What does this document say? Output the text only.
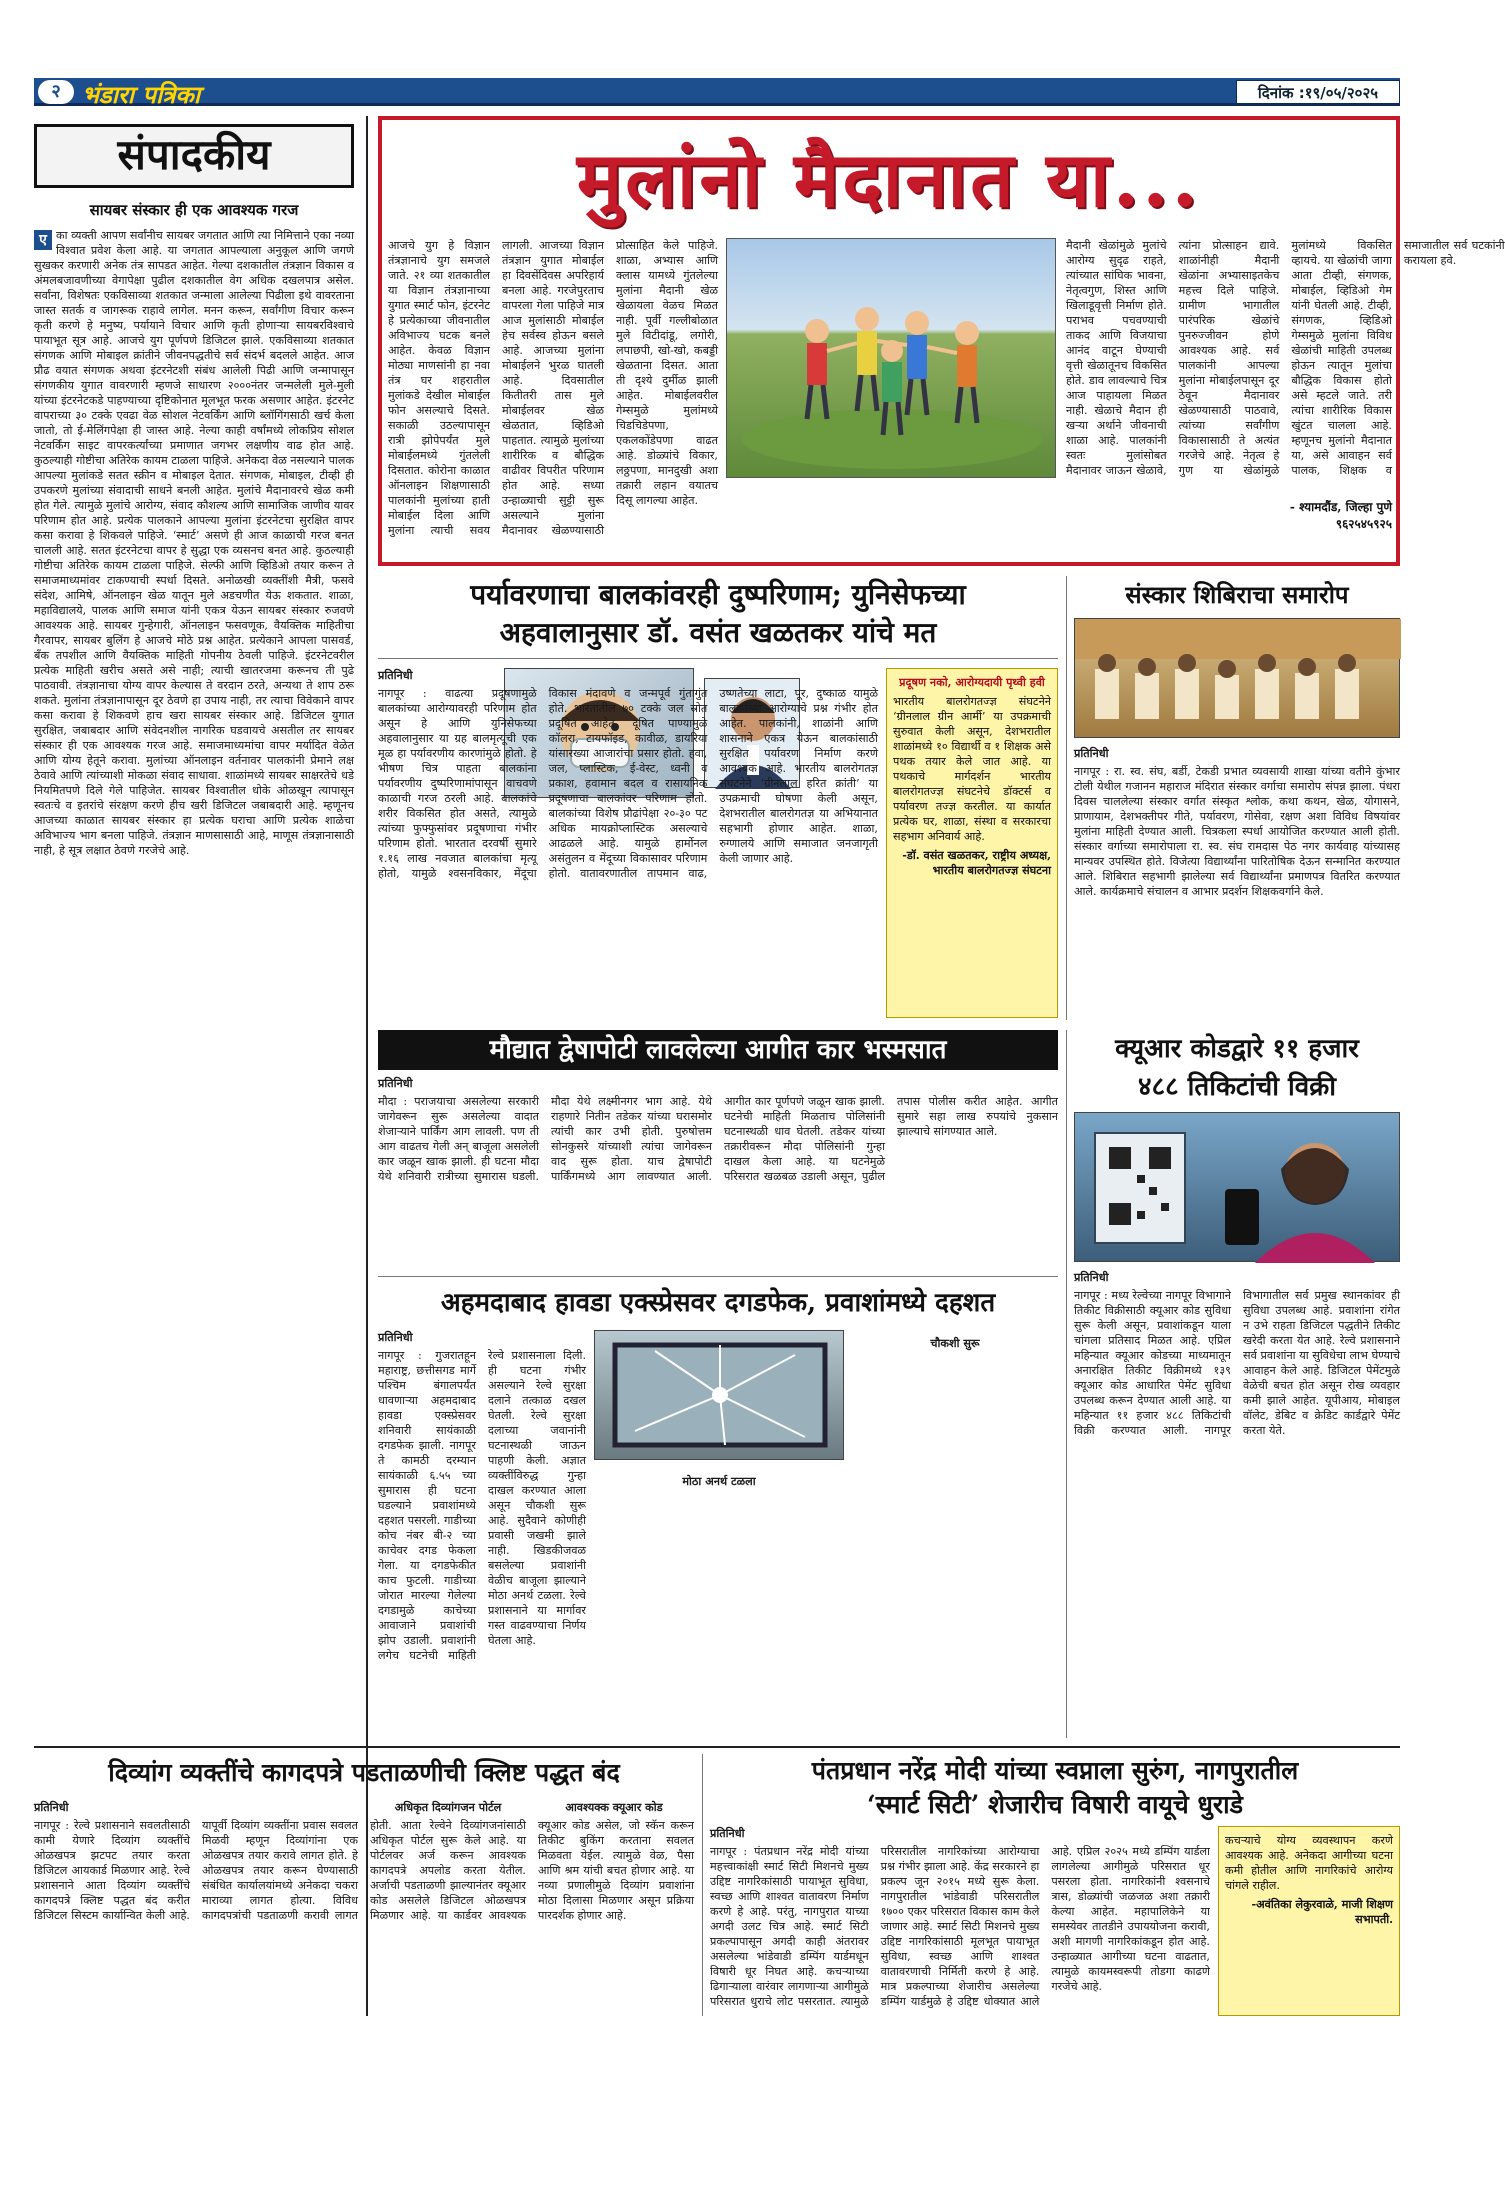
२ भंडारा पत्रिका	दिनांक :१९/०५/२०२५
संपादकीय
सायबर संस्कार ही एक आवश्यक गरज
ए का व्यक्ती आपण सर्वांनीच सायबर जगतात आणि त्या निमित्ताने एका नव्या विश्वात प्रवेश केला आहे. या जगतात आपल्याला अनुकूल आणि जगणे सुखकर करणारी अनेक तंत्र सापडत आहेत. गेल्या दशकातील तंत्रज्ञान विकास व अंमलबजावणीच्या वेगापेक्षा पुढील दशकातील वेग अधिक दखलपात्र असेल. सर्वांना, विशेषतः एकविसाव्या शतकात जन्माला आलेल्या पिढीला इथे वावरताना जास्त सतर्क व जागरूक राहावे लागेल. मनन करून, सर्वांगीण विचार करून कृती करणे हे मनुष्य, पर्यायाने विचार आणि कृती होणाऱ्या सायबरविश्वाचे पायाभूत सूत्र आहे. आजचे युग पूर्णपणे डिजिटल झाले. एकविसाव्या शतकात संगणक आणि मोबाइल क्रांतीने जीवनपद्धतीचे सर्व संदर्भ बदलले आहेत. आज प्रौढ वयात संगणक अथवा इंटरनेटशी संबंध आलेली पिढी आणि जन्मापासून संगणकीय युगात वावरणारी म्हणजे साधारण २०००नंतर जन्मलेली मुले-मुली यांच्या इंटरनेटकडे पाहण्याच्या दृष्टिकोनात मूलभूत फरक असणार आहेत. इंटरनेट वापराच्या ३० टक्के एवढा वेळ सोशल नेटवर्किंग आणि ब्लॉगिंगसाठी खर्च केला जातो, तो ई-मेलिंगपेक्षा ही जास्त आहे. नेल्या काही वर्षांमध्ये लोकप्रिय सोशल नेटवर्किंग साइट वापरकर्त्यांच्या प्रमाणात जगभर लक्षणीय वाढ होत आहे. कुठल्याही गोष्टीचा अतिरेक कायम टाळला पाहिजे. अनेकदा वेळ नसल्याने पालक आपल्या मुलांकडे सतत स्क्रीन व मोबाइल देतात. संगणक, मोबाइल, टीव्ही ही उपकरणे मुलांच्या संवादाची साधने बनली आहेत. मुलांचे मैदानावरचे खेळ कमी होत गेले. त्यामुळे मुलांचे आरोग्य, संवाद कौशल्य आणि सामाजिक जाणीव यावर परिणाम होत आहे. प्रत्येक पालकाने आपल्या मुलांना इंटरनेटचा सुरक्षित वापर कसा करावा हे शिकवले पाहिजे. ‘स्मार्ट’ असणे ही आज काळाची गरज बनत चालली आहे. सतत इंटरनेटचा वापर हे सुद्धा एक व्यसनच बनत आहे. कुठल्याही गोष्टीचा अतिरेक कायम टाळला पाहिजे. सेल्फी आणि व्हिडिओ तयार करून ते समाजमाध्यमांवर टाकण्याची स्पर्धा दिसते. अनोळखी व्यक्तींशी मैत्री, फसवे संदेश, आमिषे, ऑनलाइन खेळ यातून मुले अडचणीत येऊ शकतात. शाळा, महाविद्यालये, पालक आणि समाज यांनी एकत्र येऊन सायबर संस्कार रुजवणे आवश्यक आहे. सायबर गुन्हेगारी, ऑनलाइन फसवणूक, वैयक्तिक माहितीचा गैरवापर, सायबर बुलिंग हे आजचे मोठे प्रश्न आहेत. प्रत्येकाने आपला पासवर्ड, बँक तपशील आणि वैयक्तिक माहिती गोपनीय ठेवली पाहिजे. इंटरनेटवरील प्रत्येक माहिती खरीच असते असे नाही; त्याची खातरजमा करूनच ती पुढे पाठवावी. तंत्रज्ञानाचा योग्य वापर केल्यास ते वरदान ठरते, अन्यथा ते शाप ठरू शकते. मुलांना तंत्रज्ञानापासून दूर ठेवणे हा उपाय नाही, तर त्याचा विवेकाने वापर कसा करावा हे शिकवणे हाच खरा सायबर संस्कार आहे. डिजिटल युगात सुरक्षित, जबाबदार आणि संवेदनशील नागरिक घडवायचे असतील तर सायबर संस्कार ही एक आवश्यक गरज आहे. समाजमाध्यमांचा वापर मर्यादित वेळेत आणि योग्य हेतूने करावा. मुलांच्या ऑनलाइन वर्तनावर पालकांनी प्रेमाने लक्ष ठेवावे आणि त्यांच्याशी मोकळा संवाद साधावा. शाळांमध्ये सायबर साक्षरतेचे धडे नियमितपणे दिले गेले पाहिजेत. सायबर विश्वातील धोके ओळखून त्यापासून स्वतःचे व इतरांचे संरक्षण करणे हीच खरी डिजिटल जबाबदारी आहे. म्हणूनच आजच्या काळात सायबर संस्कार हा प्रत्येक घराचा आणि प्रत्येक शाळेचा अविभाज्य भाग बनला पाहिजे. तंत्रज्ञान माणसासाठी आहे, माणूस तंत्रज्ञानासाठी नाही, हे सूत्र लक्षात ठेवणे गरजेचे आहे.
मुलांनो मैदानात या...
आजचे युग हे विज्ञान तंत्रज्ञानाचे युग समजले जाते. २१ व्या शतकातील या विज्ञान तंत्रज्ञानाच्या युगात स्मार्ट फोन, इंटरनेट हे प्रत्येकाच्या जीवनातील अविभाज्य घटक बनले आहेत. केवळ विज्ञान मोठ्या माणसांनी हा नवा तंत्र घर शहरातील मुलांकडे देखील मोबाईल फोन असल्याचे दिसते. सकाळी उठल्यापासून रात्री झोपेपर्यंत मुले मोबाईलमध्ये गुंतलेली दिसतात. कोरोना काळात ऑनलाइन शिक्षणासाठी पालकांनी मुलांच्या हाती मोबाईल दिला आणि मुलांना त्याची सवय लागली. आजच्या विज्ञान तंत्रज्ञान युगात मोबाईल हा दिवसेंदिवस अपरिहार्य बनला आहे. गरजेपुरताच वापरला गेला पाहिजे मात्र आज मुलांसाठी मोबाईल हेच सर्वस्व होऊन बसले आहे. आजच्या मुलांना मोबाईलने भुरळ घातली आहे. दिवसातील कितीतरी तास मुले मोबाईलवर खेळ खेळतात, व्हिडिओ पाहतात. त्यामुळे मुलांच्या शारीरिक व बौद्धिक वाढीवर विपरीत परिणाम होत आहे. सध्या उन्हाळ्याची सुट्टी सुरू असल्याने मुलांना मैदानावर खेळण्यासाठी प्रोत्साहित केले पाहिजे. शाळा, अभ्यास आणि क्लास यामध्ये गुंतलेल्या मुलांना मैदानी खेळ खेळायला वेळच मिळत नाही. पूर्वी गल्लीबोळात मुले विटीदांडू, लगोरी, लपाछपी, खो-खो, कबड्डी खेळताना दिसत. आता ती दृश्ये दुर्मीळ झाली आहेत. मोबाईलवरील गेम्समुळे मुलांमध्ये चिडचिडेपणा, एकलकोंडेपणा वाढत आहे. डोळ्यांचे विकार, लठ्ठपणा, मानदुखी अशा तक्रारी लहान वयातच दिसू लागल्या आहेत.
मैदानी खेळांमुळे मुलांचे आरोग्य सुदृढ राहते, त्यांच्यात सांघिक भावना, नेतृत्वगुण, शिस्त आणि खिलाडूवृत्ती निर्माण होते. पराभव पचवण्याची ताकद आणि विजयाचा आनंद वाटून घेण्याची वृत्ती खेळातूनच विकसित होते. डाव लावल्याचे चित्र आज पाहायला मिळत नाही. खेळाचे मैदान ही खऱ्या अर्थाने जीवनाची शाळा आहे. पालकांनी स्वतः मुलांसोबत मैदानावर जाऊन खेळावे, त्यांना प्रोत्साहन द्यावे. शाळांनीही मैदानी खेळांना अभ्यासाइतकेच महत्त्व दिले पाहिजे. ग्रामीण भागातील पारंपरिक खेळांचे पुनरुज्जीवन होणे आवश्यक आहे. सर्व पालकांनी आपल्या मुलांना मोबाईलपासून दूर ठेवून मैदानावर खेळण्यासाठी पाठवावे, त्यांच्या सर्वांगीण विकासासाठी ते अत्यंत गरजेचे आहे. नेतृत्व हे गुण या खेळांमुळे मुलांमध्ये विकसित व्हायचे. या खेळांची जागा आता टीव्ही, संगणक, मोबाईल, व्हिडिओ गेम यांनी घेतली आहे. टीव्ही, संगणक, व्हिडिओ गेम्समुळे मुलांना विविध खेळांची माहिती उपलब्ध होऊन त्यातून मुलांचा बौद्धिक विकास होतो असे म्हटले जाते. तरी त्यांचा शारीरिक विकास खुंटत चालला आहे. म्हणूनच मुलांनो मैदानात या, असे आवाहन सर्व पालक, शिक्षक व समाजातील सर्व घटकांनी करायला हवे.
- श्यामदौंड, जिल्हा पुणे
९६२५४५९२५
पर्यावरणाचा बालकांवरही दुष्परिणाम; युनिसेफच्या
अहवालानुसार डॉ. वसंत खळतकर यांचे मत
प्रतिनिधी
नागपूर : वाढत्या प्रदूषणामुळे बालकांच्या आरोग्यावरही परिणाम होत असून हे आणि युनिसेफच्या अहवालानुसार या ग्रह बालमृत्यूंची एक मूळ हा पर्यावरणीय कारणांमुळे होतो. हे भीषण चित्र पाहता बालकांना पर्यावरणीय दुष्परिणामांपासून वाचवणे काळाची गरज ठरली आहे. बालकांचे शरीर विकसित होत असते, त्यामुळे त्यांच्या फुफ्फुसांवर प्रदूषणाचा गंभीर परिणाम होतो. भारतात दरवर्षी सुमारे १.१६ लाख नवजात बालकांचा मृत्यू होतो, यामुळे श्वसनविकार, मेंदूचा विकास मंदावणे व जन्मपूर्व गुंतागुंत होते. भारतातील ७० टक्के जल स्रोत प्रदूषित आहेत. दूषित पाण्यामुळे कॉलरा, टायफॉइड, कावीळ, डायरिया यांसारख्या आजारांचा प्रसार होतो. हवा, जल, प्लास्टिक, ई-वेस्ट, ध्वनी व प्रकाश, हवामान बदल व रासायनिक प्रदूषणाचा बालकांवर परिणाम होतो. बालकांच्या विशेष प्रौढांपेक्षा २०-३० पट अधिक मायक्रोप्लास्टिक असल्याचे आढळले आहे. यामुळे हार्मोनल असंतुलन व मेंदूच्या विकासावर परिणाम होतो. वातावरणातील तापमान वाढ, उष्णतेच्या लाटा, पूर, दुष्काळ यामुळे बालकांच्या आरोग्याचे प्रश्न गंभीर होत आहेत. पालकांनी, शाळांनी आणि शासनाने एकत्र येऊन बालकांसाठी सुरक्षित पर्यावरण निर्माण करणे आवश्यक आहे. भारतीय बालरोगतज्ञ संघटनेने ‘ग्रीनलाल हरित क्रांती’ या उपक्रमाची घोषणा केली असून, देशभरातील बालरोगतज्ञ या अभियानात सहभागी होणार आहेत. शाळा, रुग्णालये आणि समाजात जनजागृती केली जाणार आहे.
प्रदूषण नको, आरोग्यदायी पृथ्वी हवी
भारतीय बालरोगतज्ज्ञ संघटनेने ‘ग्रीनलाल ग्रीन आर्मी’ या उपक्रमाची सुरुवात केली असून, देशभरातील शाळांमध्ये १० विद्यार्थी व १ शिक्षक असे पथक तयार केले जात आहे. या पथकाचे मार्गदर्शन भारतीय बालरोगतज्ज्ञ संघटनेचे डॉक्टर्स व पर्यावरण तज्ज्ञ करतील. या कार्यात प्रत्येक घर, शाळा, संस्था व सरकारचा सहभाग अनिवार्य आहे.
-डॉ. वसंत खळतकर, राष्ट्रीय अध्यक्ष, भारतीय बालरोगतज्ज्ञ संघटना
संस्कार शिबिराचा समारोप
प्रतिनिधी
नागपूर : रा. स्व. संघ, बर्डी, टेकडी प्रभात व्यवसायी शाखा यांच्या वतीने कुंभार टोली येथील गजानन महाराज मंदिरात संस्कार वर्गाचा समारोप संपन्न झाला. पंधरा दिवस चाललेल्या संस्कार वर्गात संस्कृत श्लोक, कथा कथन, खेळ, योगासने, प्राणायाम, देशभक्तीपर गीते, पर्यावरण, गोसेवा, रक्षण अशा विविध विषयांवर मुलांना माहिती देण्यात आली. चित्रकला स्पर्धा आयोजित करण्यात आली होती. संस्कार वर्गाच्या समारोपाला रा. स्व. संघ रामदास पेठ नगर कार्यवाह यांच्यासह मान्यवर उपस्थित होते. विजेत्या विद्यार्थ्यांना पारितोषिक देऊन सन्मानित करण्यात आले. शिबिरात सहभागी झालेल्या सर्व विद्यार्थ्यांना प्रमाणपत्र वितरित करण्यात आले. कार्यक्रमाचे संचालन व आभार प्रदर्शन शिक्षकवर्गाने केले.
मौद्यात द्वेषापोटी लावलेल्या आगीत कार भस्मसात
प्रतिनिधी
मौदा : पराजयाचा असलेल्या सरकारी जागेवरून सुरू असलेल्या वादात शेजाऱ्याने पार्किंग आग लावली. पण ती आग वाढतच गेली अन् बाजूला असलेली कार जळून खाक झाली. ही घटना मौदा येथे शनिवारी रात्रीच्या सुमारास घडली. मौदा येथे लक्ष्मीनगर भाग आहे. येथे राहणारे नितीन तडेकर यांच्या घरासमोर त्यांची कार उभी होती. पुरुषोत्तम सोनकुसरे यांच्याशी त्यांचा जागेवरून वाद सुरू होता. याच द्वेषापोटी पार्किंगमध्ये आग लावण्यात आली. आगीत कार पूर्णपणे जळून खाक झाली. घटनेची माहिती मिळताच पोलिसांनी घटनास्थळी धाव घेतली. तडेकर यांच्या तक्रारीवरून मौदा पोलिसांनी गुन्हा दाखल केला आहे. या घटनेमुळे परिसरात खळबळ उडाली असून, पुढील तपास पोलीस करीत आहेत. आगीत सुमारे सहा लाख रुपयांचे नुकसान झाल्याचे सांगण्यात आले.
क्यूआर कोडद्वारे ११ हजार
४८८ तिकिटांची विक्री
प्रतिनिधी
नागपूर : मध्य रेल्वेच्या नागपूर विभागाने तिकीट विक्रीसाठी क्यूआर कोड सुविधा सुरू केली असून, प्रवाशांकडून याला चांगला प्रतिसाद मिळत आहे. एप्रिल महिन्यात क्यूआर कोडच्या माध्यमातून अनारक्षित तिकीट विक्रीमध्ये १३९ क्यूआर कोड आधारित पेमेंट सुविधा उपलब्ध करून देण्यात आली आहे. या महिन्यात ११ हजार ४८८ तिकिटांची विक्री करण्यात आली. नागपूर विभागातील सर्व प्रमुख स्थानकांवर ही सुविधा उपलब्ध आहे. प्रवाशांना रांगेत न उभे राहता डिजिटल पद्धतीने तिकीट खरेदी करता येत आहे. रेल्वे प्रशासनाने सर्व प्रवाशांना या सुविधेचा लाभ घेण्याचे आवाहन केले आहे. डिजिटल पेमेंटमुळे वेळेची बचत होत असून रोख व्यवहार कमी झाले आहेत. यूपीआय, मोबाइल वॉलेट, डेबिट व क्रेडिट कार्डद्वारे पेमेंट करता येते.
अहमदाबाद हावडा एक्स्प्रेसवर दगडफेक, प्रवाशांमध्ये दहशत
प्रतिनिधी
नागपूर : गुजरातहून महाराष्ट्र, छत्तीसगड मार्गे पश्चिम बंगालपर्यंत धावणाऱ्या अहमदाबाद हावडा एक्स्प्रेसवर शनिवारी सायंकाळी दगडफेक झाली. नागपूर ते कामठी दरम्यान सायंकाळी ६.५५ च्या सुमारास ही घटना घडल्याने प्रवाशांमध्ये दहशत पसरली. गाडीच्या कोच नंबर बी-२ च्या काचेवर दगड फेकला गेला. या दगडफेकीत काच फुटली. गाडीच्या जोरात मारल्या गेलेल्या दगडामुळे काचेच्या आवाजाने प्रवाशांची झोप उडाली. प्रवाशांनी लगेच घटनेची माहिती रेल्वे प्रशासनाला दिली. ही घटना गंभीर असल्याने रेल्वे सुरक्षा दलाने तत्काळ दखल घेतली. रेल्वे सुरक्षा दलाच्या जवानांनी घटनास्थळी जाऊन पाहणी केली. अज्ञात व्यक्तींविरुद्ध गुन्हा दाखल करण्यात आला असून चौकशी सुरू आहे. सुदैवाने कोणीही प्रवासी जखमी झाले नाही. खिडकीजवळ बसलेल्या प्रवाशांनी वेळीच बाजूला झाल्याने मोठा अनर्थ टळला. रेल्वे प्रशासनाने या मार्गावर गस्त वाढवण्याचा निर्णय घेतला आहे.
मोठा अनर्थ टळला
चौकशी सुरू
दिव्यांग व्यक्तींचे कागदपत्रे पडताळणीची क्लिष्ट पद्धत बंद
प्रतिनिधी
नागपूर : रेल्वे प्रशासनाने सवलतीसाठी कामी येणारे दिव्यांग व्यक्तींचे ओळखपत्र झटपट तयार करता डिजिटल आयकार्ड मिळणार आहे. रेल्वे प्रशासनाने आता दिव्यांग व्यक्तींचे कागदपत्रे क्लिष्ट पद्धत बंद करीत डिजिटल सिस्टम कार्यान्वित केली आहे. यापूर्वी दिव्यांग व्यक्तींना प्रवास सवलत मिळवी म्हणून दिव्यांगांना एक ओळखपत्र तयार करावे लागत होते. हे ओळखपत्र तयार करून घेण्यासाठी संबंधित कार्यालयांमध्ये अनेकदा चकरा माराव्या लागत होत्या. विविध कागदपत्रांची पडताळणी करावी लागत होती. आता रेल्वेने दिव्यांगजनांसाठी अधिकृत पोर्टल सुरू केले आहे. या पोर्टलवर अर्ज करून आवश्यक कागदपत्रे अपलोड करता येतील. अर्जाची पडताळणी झाल्यानंतर क्यूआर कोड असलेले डिजिटल ओळखपत्र मिळणार आहे. या कार्डवर आवश्यक क्यूआर कोड असेल, जो स्कॅन करून तिकीट बुकिंग करताना सवलत मिळवता येईल. त्यामुळे वेळ, पैसा आणि श्रम यांची बचत होणार आहे. या नव्या प्रणालीमुळे दिव्यांग प्रवाशांना मोठा दिलासा मिळणार असून प्रक्रिया पारदर्शक होणार आहे.
अधिकृत दिव्यांगजन पोर्टल	आवश्यक्क क्यूआर कोड
पंतप्रधान नरेंद्र मोदी यांच्या स्वप्नाला सुरुंग, नागपुरातील
‘स्मार्ट सिटी’ शेजारीच विषारी वायूचे धुराडे
प्रतिनिधी
नागपूर : पंतप्रधान नरेंद्र मोदी यांच्या महत्त्वाकांक्षी स्मार्ट सिटी मिशनचे मुख्य उद्दिष्ट नागरिकांसाठी पायाभूत सुविधा, स्वच्छ आणि शाश्वत वातावरण निर्माण करणे हे आहे. परंतु, नागपुरात याच्या अगदी उलट चित्र आहे. स्मार्ट सिटी प्रकल्पापासून अगदी काही अंतरावर असलेल्या भांडेवाडी डम्पिंग यार्डमधून विषारी धूर निघत आहे. कचऱ्याच्या ढिगाऱ्याला वारंवार लागणाऱ्या आगीमुळे परिसरात धुराचे लोट पसरतात. त्यामुळे परिसरातील नागरिकांच्या आरोग्याचा प्रश्न गंभीर झाला आहे. केंद्र सरकारने हा प्रकल्प जून २०१५ मध्ये सुरू केला. नागपुरातील भांडेवाडी परिसरातील १७०० एकर परिसरात विकास काम केले जाणार आहे. स्मार्ट सिटी मिशनचे मुख्य उद्दिष्ट नागरिकांसाठी मूलभूत पायाभूत सुविधा, स्वच्छ आणि शाश्वत वातावरणाची निर्मिती करणे हे आहे. मात्र प्रकल्पाच्या शेजारीच असलेल्या डम्पिंग यार्डमुळे हे उद्दिष्ट धोक्यात आले आहे. एप्रिल २०२५ मध्ये डम्पिंग यार्डला लागलेल्या आगीमुळे परिसरात धूर पसरला होता. नागरिकांनी श्वसनाचे त्रास, डोळ्यांची जळजळ अशा तक्रारी केल्या आहेत. महापालिकेने या समस्येवर तातडीने उपाययोजना करावी, अशी मागणी नागरिकांकडून होत आहे. उन्हाळ्यात आगीच्या घटना वाढतात, त्यामुळे कायमस्वरूपी तोडगा काढणे गरजेचे आहे.
कचऱ्याचे योग्य व्यवस्थापन करणे आवश्यक आहे. अनेकदा आगीच्या घटना कमी होतील आणि नागरिकांचे आरोग्य चांगले राहील.
-अवंतिका लेकुरवाळे, माजी शिक्षण सभापती.
